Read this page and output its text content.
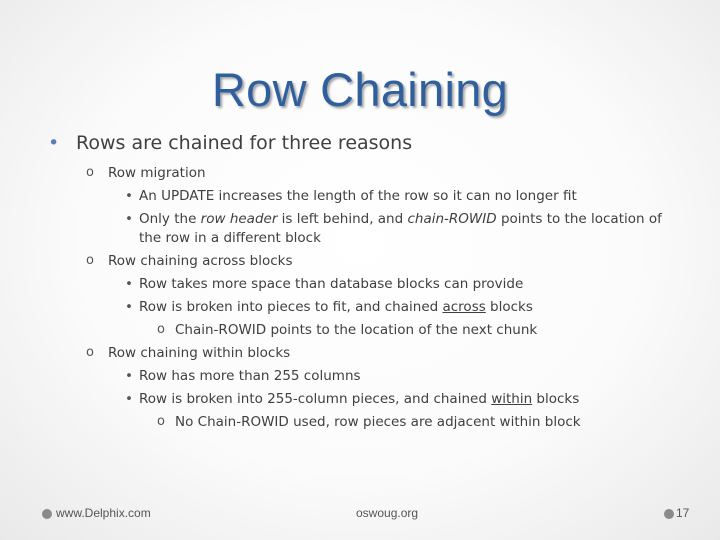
Row Chaining
• Rows are chained for three reasons
o Row migration
• An UPDATE increases the length of the row so it can no longer fit
• Only the row header is left behind, and chain-ROWID points to the location of
the row in a different block
o Row chaining across blocks
• Row takes more space than database blocks can provide
• Row is broken into pieces to fit, and chained across blocks
o Chain-ROWID points to the location of the next chunk
o Row chaining within blocks
• Row has more than 255 columns
• Row is broken into 255-column pieces, and chained within blocks
o No Chain-ROWID used, row pieces are adjacent within block
www.Delphix.com	oswoug.org	17
